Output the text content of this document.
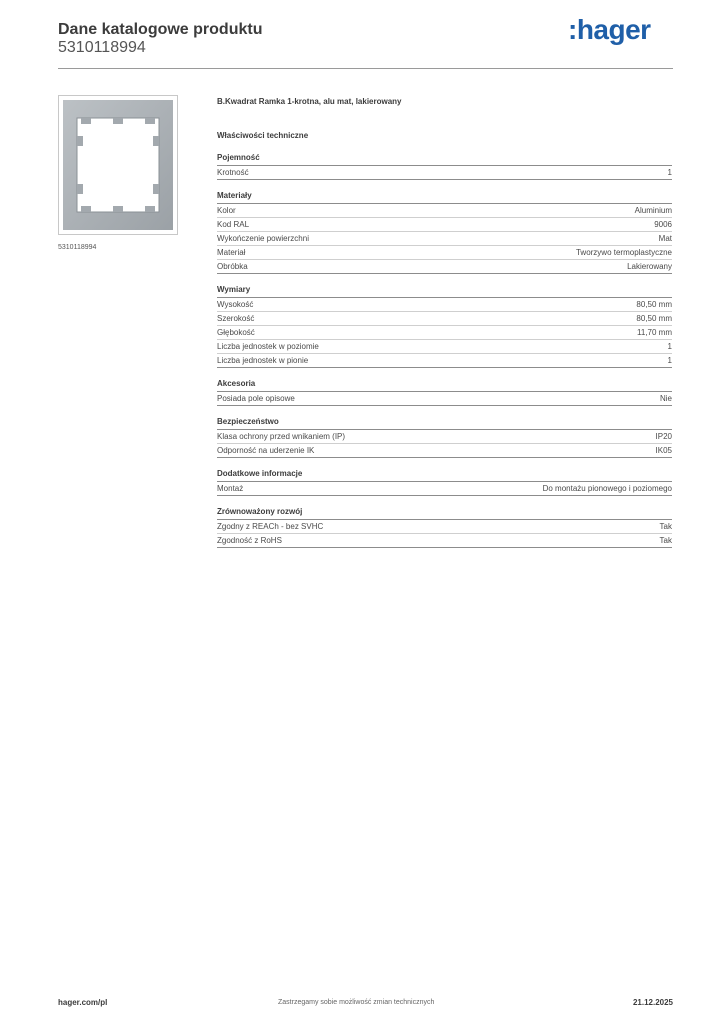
Dane katalogowe produktu
5310118994
:hager
5310118994
B.Kwadrat Ramka 1-krotna, alu mat, lakierowany
Właściwości techniczne
Pojemność
Krotność	1
Materiały
Kolor	Aluminium
Kod RAL	9006
Wykończenie powierzchni	Mat
Materiał	Tworzywo termoplastyczne
Obróbka	Lakierowany
Wymiary
Wysokość	80,50 mm
Szerokość	80,50 mm
Głębokość	11,70 mm
Liczba jednostek w poziomie	1
Liczba jednostek w pionie	1
Akcesoria
Posiada pole opisowe	Nie
Bezpieczeństwo
Klasa ochrony przed wnikaniem (IP)	IP20
Odporność na uderzenie IK	IK05
Dodatkowe informacje
Montaż	Do montażu pionowego i poziomego
Zrównoważony rozwój
Zgodny z REACh - bez SVHC	Tak
Zgodność z RoHS	Tak
hager.com/pl	Zastrzegamy sobie możliwość zmian technicznych	21.12.2025
